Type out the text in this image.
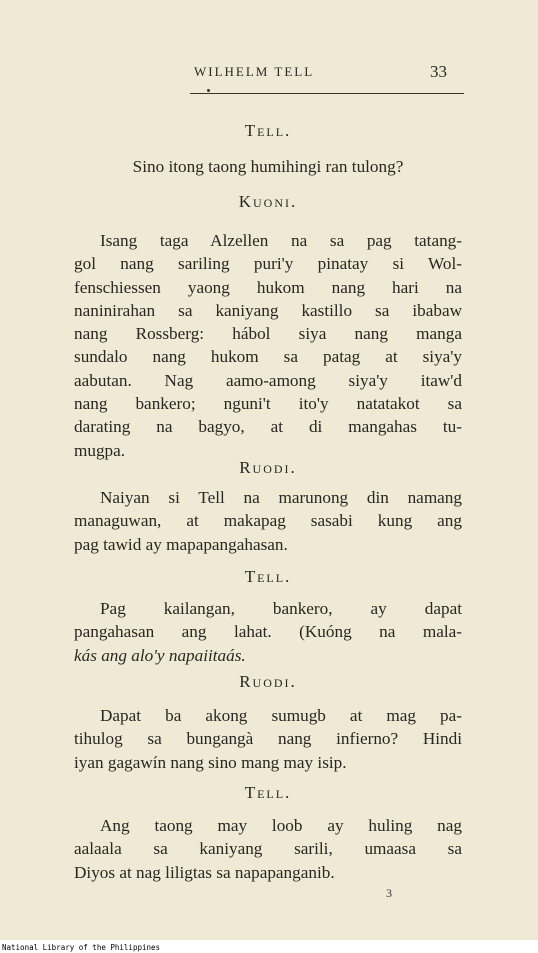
WILHELM TELL	33
Tell.
Sino itong taong humihingi ran tulong?
Kuoni.
Isang taga Alzellen na sa pag tatang-
gol nang sariling puri'y pinatay si Wol-
fenschiessen yaong hukom nang hari na
naninirahan sa kaniyang kastillo sa ibabaw
nang Rossberg: hábol siya nang manga
sundalo nang hukom sa patag at siya'y
aabutan. Nag aamo-among siya'y itaw'd
nang bankero; nguni't ito'y natatakot sa
darating na bagyo, at di mangahas tu-
mugpa.
Ruodi.
Naiyan si Tell na marunong din namang
managuwan, at makapag sasabi kung ang
pag tawid ay mapapangahasan.
Tell.
Pag kailangan, bankero, ay dapat
pangahasan ang lahat. (Kuóng na mala-
kás ang alo'y napaiitaás.
Ruodi.
Dapat ba akong sumugb at mag pa-
tihulog sa bungangà nang infierno? Hindi
iyan gagawín nang sino mang may isip.
Tell.
Ang taong may loob ay huling nag
aalaala sa kaniyang sarili, umaasa sa
Diyos at nag liligtas sa napapanganib.
3
National Library of the Philippines
